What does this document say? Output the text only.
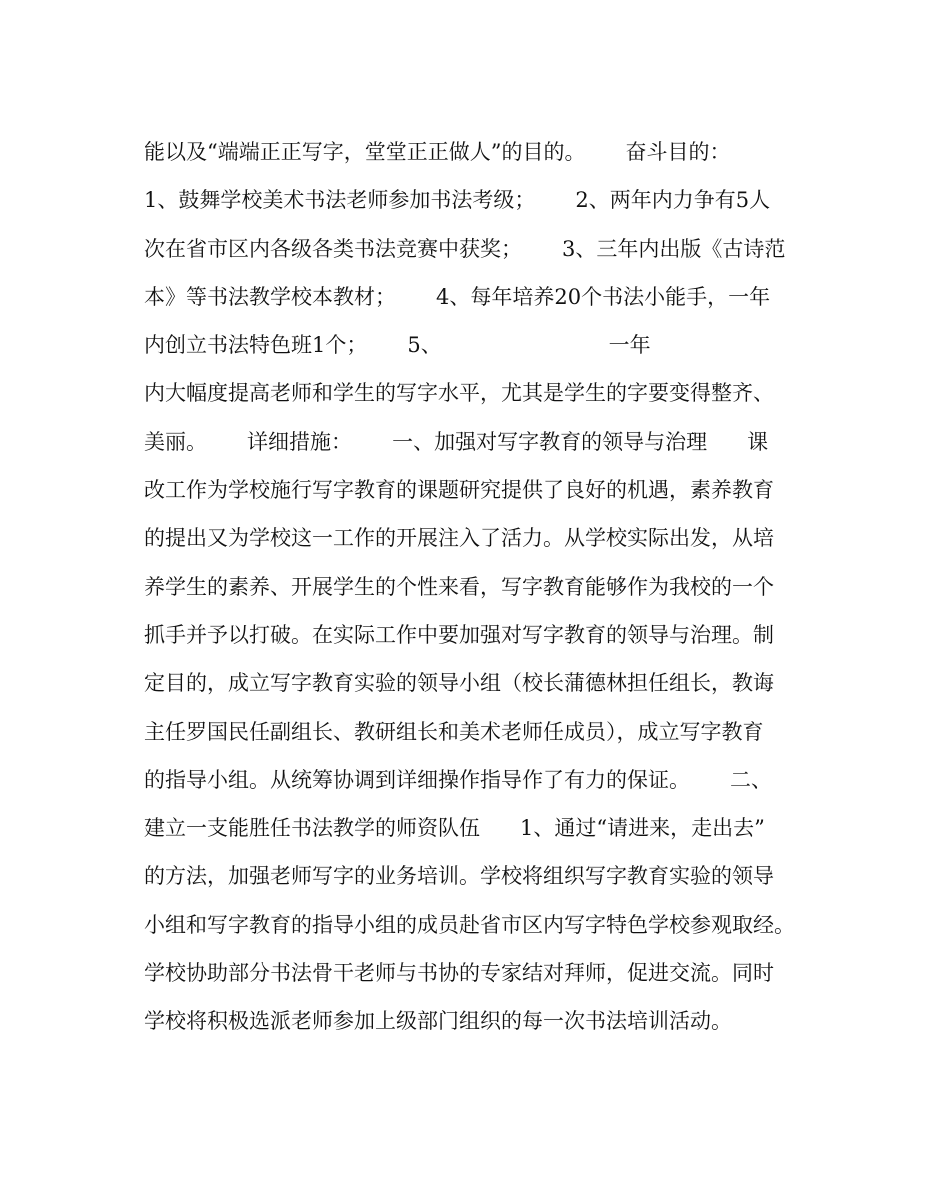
能以及“端端正正写字，堂堂正正做人”的目的。      奋斗目的：
1、鼓舞学校美术书法老师参加书法考级；      2、两年内力争有5人
次在省市区内各级各类书法竞赛中获奖；      3、三年内出版《古诗范
本》等书法教学校本教材；      4、每年培养20个书法小能手，一年
内创立书法特色班1个；      5、                         一年
内大幅度提高老师和学生的写字水平，尤其是学生的字要变得整齐、
美丽。      详细措施：      一、加强对写字教育的领导与治理      课
改工作为学校施行写字教育的课题研究提供了良好的机遇，素养教育
的提出又为学校这一工作的开展注入了活力。从学校实际出发，从培
养学生的素养、开展学生的个性来看，写字教育能够作为我校的一个
抓手并予以打破。在实际工作中要加强对写字教育的领导与治理。制
定目的，成立写字教育实验的领导小组（校长蒲德林担任组长，教诲
主任罗国民任副组长、教研组长和美术老师任成员），成立写字教育
的指导小组。从统筹协调到详细操作指导作了有力的保证。      二、
建立一支能胜任书法教学的师资队伍      1、通过“请进来，走出去”
的方法，加强老师写字的业务培训。学校将组织写字教育实验的领导
小组和写字教育的指导小组的成员赴省市区内写字特色学校参观取经。
学校协助部分书法骨干老师与书协的专家结对拜师，促进交流。同时
学校将积极选派老师参加上级部门组织的每一次书法培训活动。
